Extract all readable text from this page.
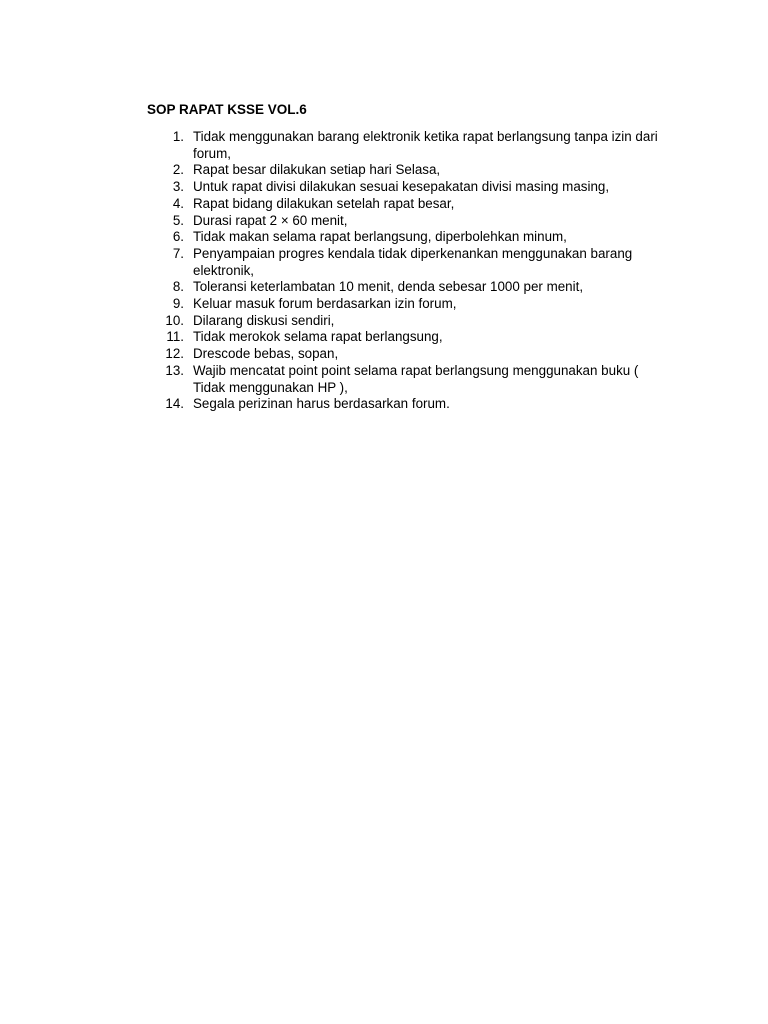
SOP RAPAT KSSE VOL.6
1. Tidak menggunakan barang elektronik ketika rapat berlangsung tanpa izin dari forum,
2. Rapat besar dilakukan setiap hari Selasa,
3. Untuk rapat divisi dilakukan sesuai kesepakatan divisi masing masing,
4. Rapat bidang dilakukan setelah rapat besar,
5. Durasi rapat 2 × 60 menit,
6. Tidak makan selama rapat berlangsung, diperbolehkan minum,
7. Penyampaian progres kendala tidak diperkenankan menggunakan barang elektronik,
8. Toleransi keterlambatan 10 menit, denda sebesar 1000 per menit,
9. Keluar masuk forum berdasarkan izin forum,
10. Dilarang diskusi sendiri,
11. Tidak merokok selama rapat berlangsung,
12. Drescode bebas, sopan,
13. Wajib mencatat point point selama rapat berlangsung menggunakan buku ( Tidak menggunakan HP ),
14. Segala perizinan harus berdasarkan forum.
